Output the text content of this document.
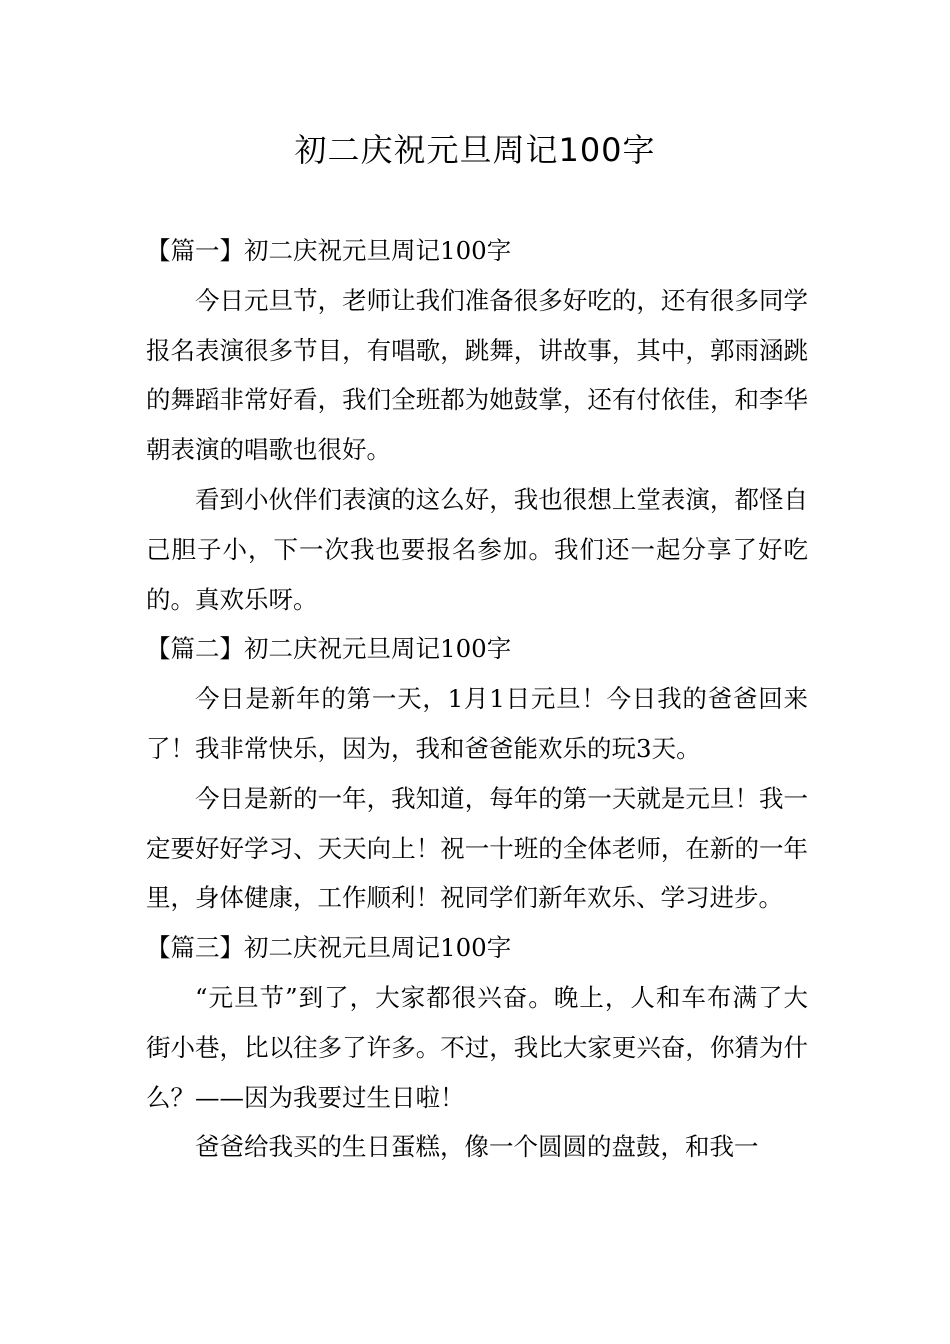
初二庆祝元旦周记100字

【篇一】初二庆祝元旦周记100字

今日元旦节，老师让我们准备很多好吃的，还有很多同学报名表演很多节目，有唱歌，跳舞，讲故事，其中，郭雨涵跳的舞蹈非常好看，我们全班都为她鼓掌，还有付依佳，和李华朝表演的唱歌也很好。

看到小伙伴们表演的这么好，我也很想上堂表演，都怪自己胆子小，下一次我也要报名参加。我们还一起分享了好吃的。真欢乐呀。

【篇二】初二庆祝元旦周记100字

今日是新年的第一天，1月1日元旦！今日我的爸爸回来了！我非常快乐，因为，我和爸爸能欢乐的玩3天。

今日是新的一年，我知道，每年的第一天就是元旦！我一定要好好学习、天天向上！祝一十班的全体老师，在新的一年里，身体健康，工作顺利！祝同学们新年欢乐、学习进步。

【篇三】初二庆祝元旦周记100字

“元旦节”到了，大家都很兴奋。晚上，人和车布满了大街小巷，比以往多了许多。不过，我比大家更兴奋，你猜为什么？——因为我要过生日啦！

爸爸给我买的生日蛋糕，像一个圆圆的盘鼓，和我一
